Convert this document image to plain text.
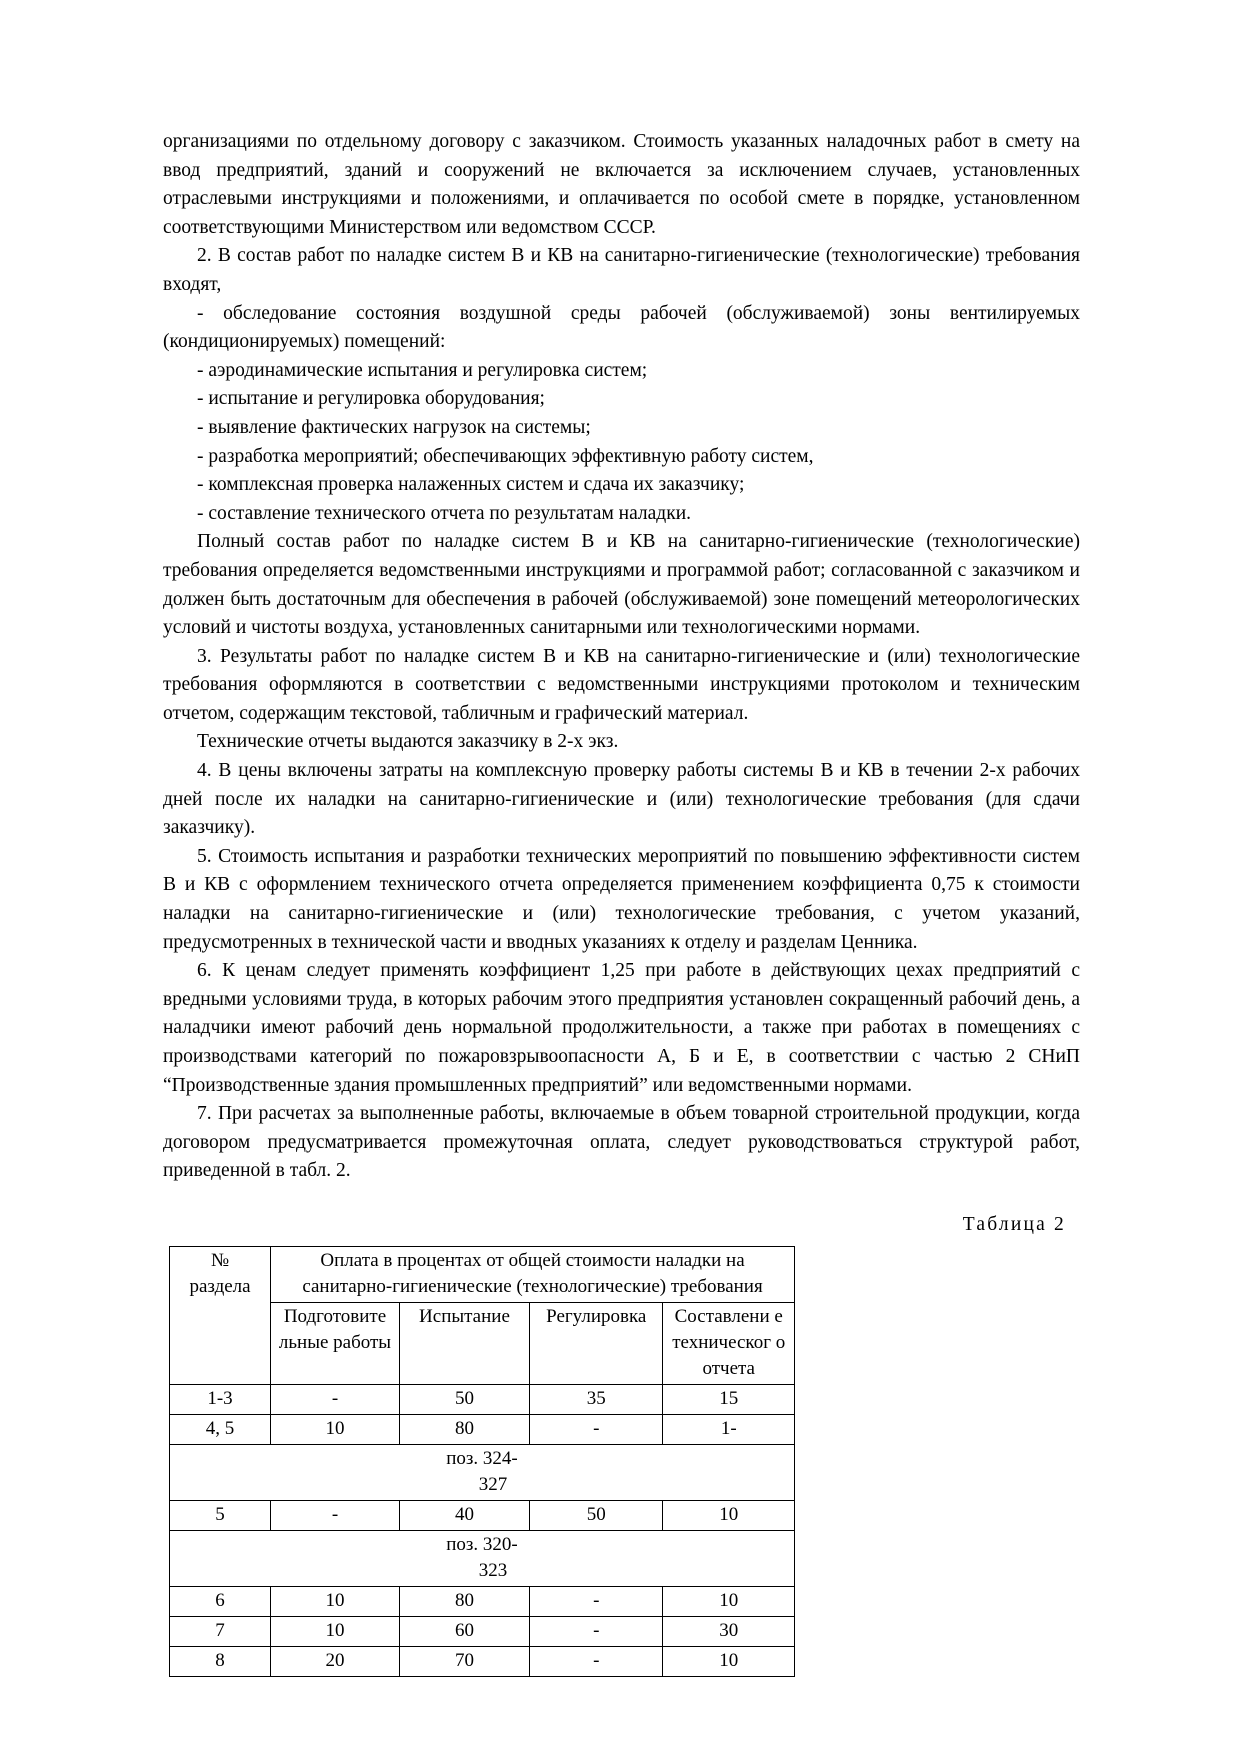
организациями по отдельному договору с заказчиком. Стоимость указанных наладочных работ в смету на ввод предприятий, зданий и сооружений не включается за исключением случаев, установленных отраслевыми инструкциями и положениями, и оплачивается по особой смете в порядке, установленном соответствующими Министерством или ведомством СССР.

2. В состав работ по наладке систем В и КВ на санитарно-гигиенические (технологические) требования входят,

- обследование состояния воздушной среды рабочей (обслуживаемой) зоны вентилируемых (кондиционируемых) помещений:

- аэродинамические испытания и регулировка систем;

- испытание и регулировка оборудования;

- выявление фактических нагрузок на системы;

- разработка мероприятий; обеспечивающих эффективную работу систем,

- комплексная проверка налаженных систем и сдача их заказчику;

- составление технического отчета по результатам наладки.

Полный состав работ по наладке систем В и КВ на санитарно-гигиенические (технологические) требования определяется ведомственными инструкциями и программой работ; согласованной с заказчиком и должен быть достаточным для обеспечения в рабочей (обслуживаемой) зоне помещений метеорологических условий и чистоты воздуха, установленных санитарными или технологическими нормами.

3. Результаты работ по наладке систем В и КВ на санитарно-гигиенические и (или) технологические требования оформляются в соответствии с ведомственными инструкциями протоколом и техническим отчетом, содержащим текстовой, табличным и графический материал.

Технические отчеты выдаются заказчику в 2-х экз.

4. В цены включены затраты на комплексную проверку работы системы В и КВ в течении 2-х рабочих дней после их наладки на санитарно-гигиенические и (или) технологические требования (для сдачи заказчику).

5. Стоимость испытания и разработки технических мероприятий по повышению эффективности систем В и КВ с оформлением технического отчета определяется применением коэффициента 0,75 к стоимости наладки на санитарно-гигиенические и (или) технологические требования, с учетом указаний, предусмотренных в технической части и вводных указаниях к отделу и разделам Ценника.

6. К ценам следует применять коэффициент 1,25 при работе в действующих цехах предприятий с вредными условиями труда, в которых рабочим этого предприятия установлен сокращенный рабочий день, а наладчики имеют рабочий день нормальной продолжительности, а также при работах в помещениях с производствами категорий по пожаровзрывоопасности А, Б и Е, в соответствии с частью 2 СНиП “Производственные здания промышленных предприятий” или ведомственными нормами.

7. При расчетах за выполненные работы, включаемые в объем товарной строительной продукции, когда договором предусматривается промежуточная оплата, следует руководствоваться структурой работ, приведенной в табл. 2.

Таблица 2
№
раздела	Оплата в процентах от общей стоимости наладки на
санитарно-гигиенические (технологические) требования			
	Подготовите льные работы	Испытание	Регулировка	Составлени е техническог о отчета
1-3	-	50	35	15
4, 5	10	80	-	1-
поз. 324-
327				

5	-	40	50	10
поз. 320-
323				

6	10	80	-	10
7	10	60	-	30
8	20	70	-	10
